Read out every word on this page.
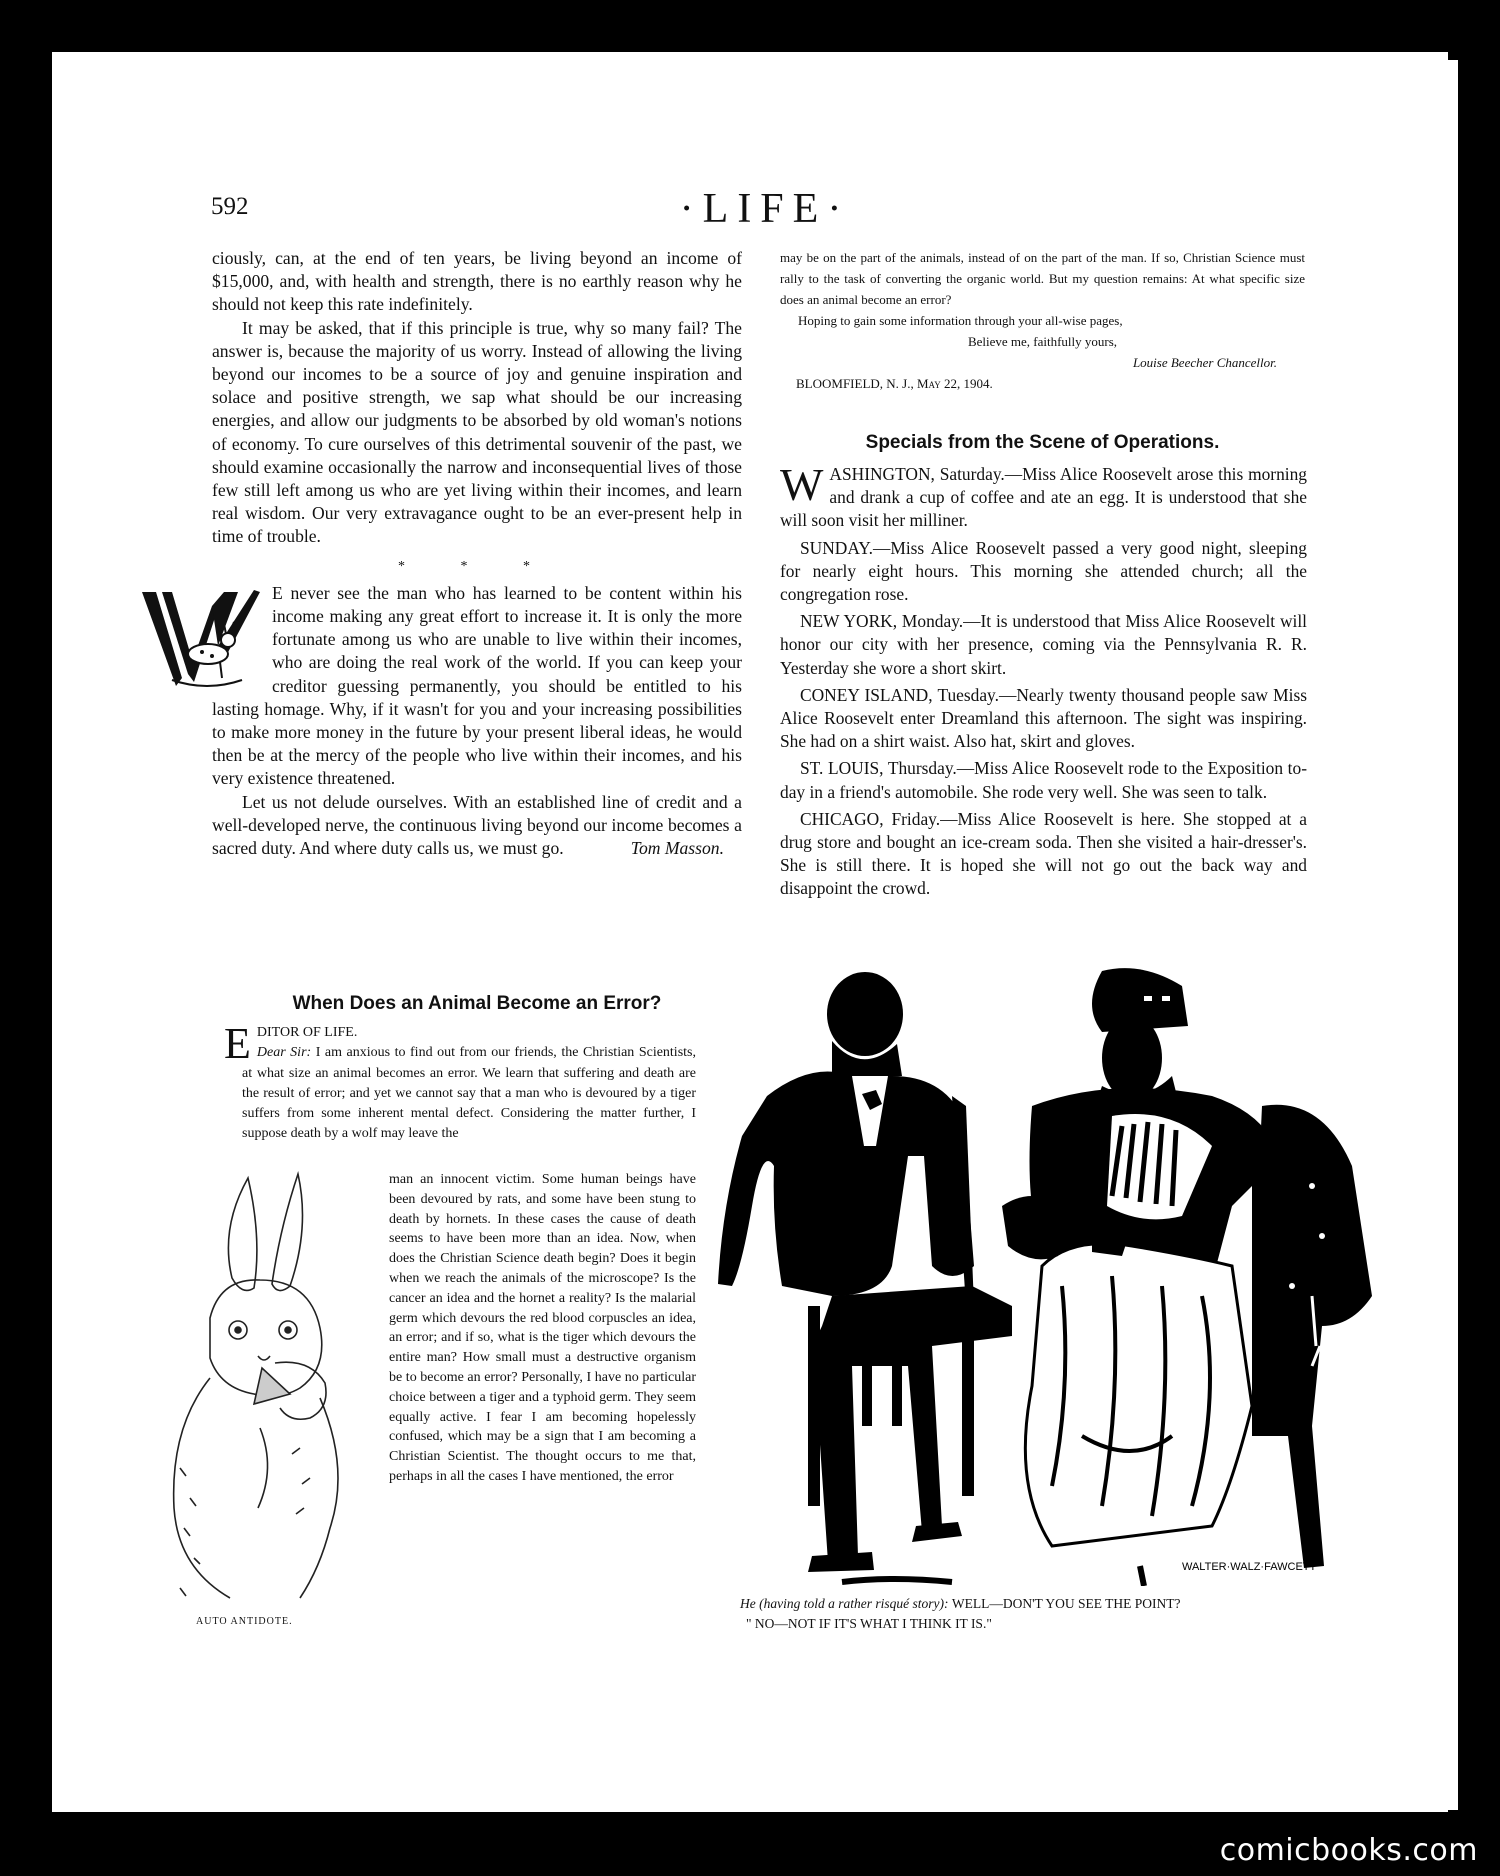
592	·LIFE·

ciously, can, at the end of ten years, be living beyond an income of $15,000, and, with health and strength, there is no earthly reason why he should not keep this rate indefinitely.

It may be asked, that if this principle is true, why so many fail? The answer is, because the majority of us worry. Instead of allowing the living beyond our incomes to be a source of joy and genuine inspiration and solace and positive strength, we sap what should be our increasing energies, and allow our judgments to be absorbed by old woman's notions of economy. To cure ourselves of this detrimental souvenir of the past, we should examine occasionally the narrow and inconsequential lives of those few still left among us who are yet living within their incomes, and learn real wisdom. Our very extravagance ought to be an ever-present help in time of trouble.

* * *

E never see the man who has learned to be content within his income making any great effort to increase it. It is only the more fortunate among us who are unable to live within their incomes, who are doing the real work of the world. If you can keep your creditor guessing permanently, you should be entitled to his lasting homage. Why, if it wasn't for you and your increasing possibilities to make more money in the future by your present liberal ideas, he would then be at the mercy of the people who live within their incomes, and his very existence threatened.

Let us not delude ourselves. With an established line of credit and a well-developed nerve, the continuous living beyond our income becomes a sacred duty. And where duty calls us, we must go.	Tom Masson.

When Does an Animal Become an Error?
E DITOR OF LIFE.
Dear Sir: I am anxious to find out from our friends, the Christian Scientists, at what size an animal becomes an error. We learn that suffering and death are the result of error; and yet we cannot say that a man who is devoured by a tiger suffers from some inherent mental defect. Considering the matter further, I suppose death by a wolf may leave the
man an innocent victim. Some human beings have been devoured by rats, and some have been stung to death by hornets. In these cases the cause of death seems to have been more than an idea. Now, when does the Christian Science death begin? Does it begin when we reach the animals of the microscope? Is the cancer an idea and the hornet a reality? Is the malarial germ which devours the red blood corpuscles an idea, an error; and if so, what is the tiger which devours the entire man? How small must a destructive organism be to become an error? Personally, I have no particular choice between a tiger and a typhoid germ. They seem equally active. I fear I am becoming hopelessly confused, which may be a sign that I am becoming a Christian Scientist. The thought occurs to me that, perhaps in all the cases I have mentioned, the error
AUTO ANTIDOTE.
may be on the part of the animals, instead of on the part of the man. If so, Christian Science must rally to the task of converting the organic world. But my question remains: At what specific size does an animal become an error?
Hoping to gain some information through your all-wise pages,
Believe me, faithfully yours,
Louise Beecher Chancellor.
BLOOMFIELD, N. J., May 22, 1904.
Specials from the Scene of Operations.

WASHINGTON, Saturday.—Miss Alice Roosevelt arose this morning and drank a cup of coffee and ate an egg. It is understood that she will soon visit her milliner.

SUNDAY.—Miss Alice Roosevelt passed a very good night, sleeping for nearly eight hours. This morning she attended church; all the congregation rose.

NEW YORK, Monday.—It is understood that Miss Alice Roosevelt will honor our city with her presence, coming via the Pennsylvania R. R. Yesterday she wore a short skirt.

CONEY ISLAND, Tuesday.—Nearly twenty thousand people saw Miss Alice Roosevelt enter Dreamland this afternoon. The sight was inspiring. She had on a shirt waist. Also hat, skirt and gloves.

ST. LOUIS, Thursday.—Miss Alice Roosevelt rode to the Exposition to-day in a friend's automobile. She rode very well. She was seen to talk.

CHICAGO, Friday.—Miss Alice Roosevelt is here. She stopped at a drug store and bought an ice-cream soda. Then she visited a hair-dresser's. She is still there. It is hoped she will not go out the back way and disappoint the crowd.

WALTER·WALZ·FAWCETT
He (having told a rather risqué story): WELL—DON'T YOU SEE THE POINT?
" NO—NOT IF IT'S WHAT I THINK IT IS."
comicbooks.com
